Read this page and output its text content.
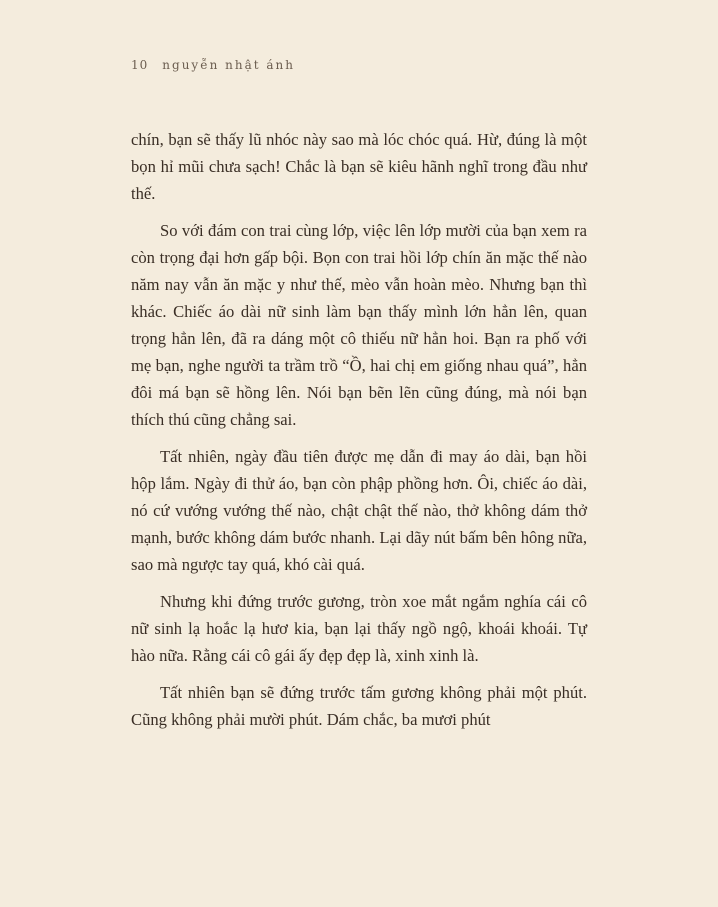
10 nguyễn nhật ánh

chín, bạn sẽ thấy lũ nhóc này sao mà lóc chóc quá. Hừ, đúng là một bọn hỉ mũi chưa sạch! Chắc là bạn sẽ kiêu hãnh nghĩ trong đầu như thế.

So với đám con trai cùng lớp, việc lên lớp mười của bạn xem ra còn trọng đại hơn gấp bội. Bọn con trai hồi lớp chín ăn mặc thế nào năm nay vẫn ăn mặc y như thế, mèo vẫn hoàn mèo. Nhưng bạn thì khác. Chiếc áo dài nữ sinh làm bạn thấy mình lớn hẳn lên, quan trọng hẳn lên, đã ra dáng một cô thiếu nữ hẳn hoi. Bạn ra phố với mẹ bạn, nghe người ta trầm trồ “Ồ, hai chị em giống nhau quá”, hẳn đôi má bạn sẽ hồng lên. Nói bạn bẽn lẽn cũng đúng, mà nói bạn thích thú cũng chẳng sai.

Tất nhiên, ngày đầu tiên được mẹ dẫn đi may áo dài, bạn hồi hộp lắm. Ngày đi thử áo, bạn còn phập phồng hơn. Ôi, chiếc áo dài, nó cứ vướng vướng thế nào, chật chật thế nào, thở không dám thở mạnh, bước không dám bước nhanh. Lại dãy nút bấm bên hông nữa, sao mà ngược tay quá, khó cài quá.

Nhưng khi đứng trước gương, tròn xoe mắt ngắm nghía cái cô nữ sinh lạ hoắc lạ hươ kia, bạn lại thấy ngồ ngộ, khoái khoái. Tự hào nữa. Rằng cái cô gái ấy đẹp đẹp là, xinh xinh là.

Tất nhiên bạn sẽ đứng trước tấm gương không phải một phút. Cũng không phải mười phút. Dám chắc, ba mươi phút
